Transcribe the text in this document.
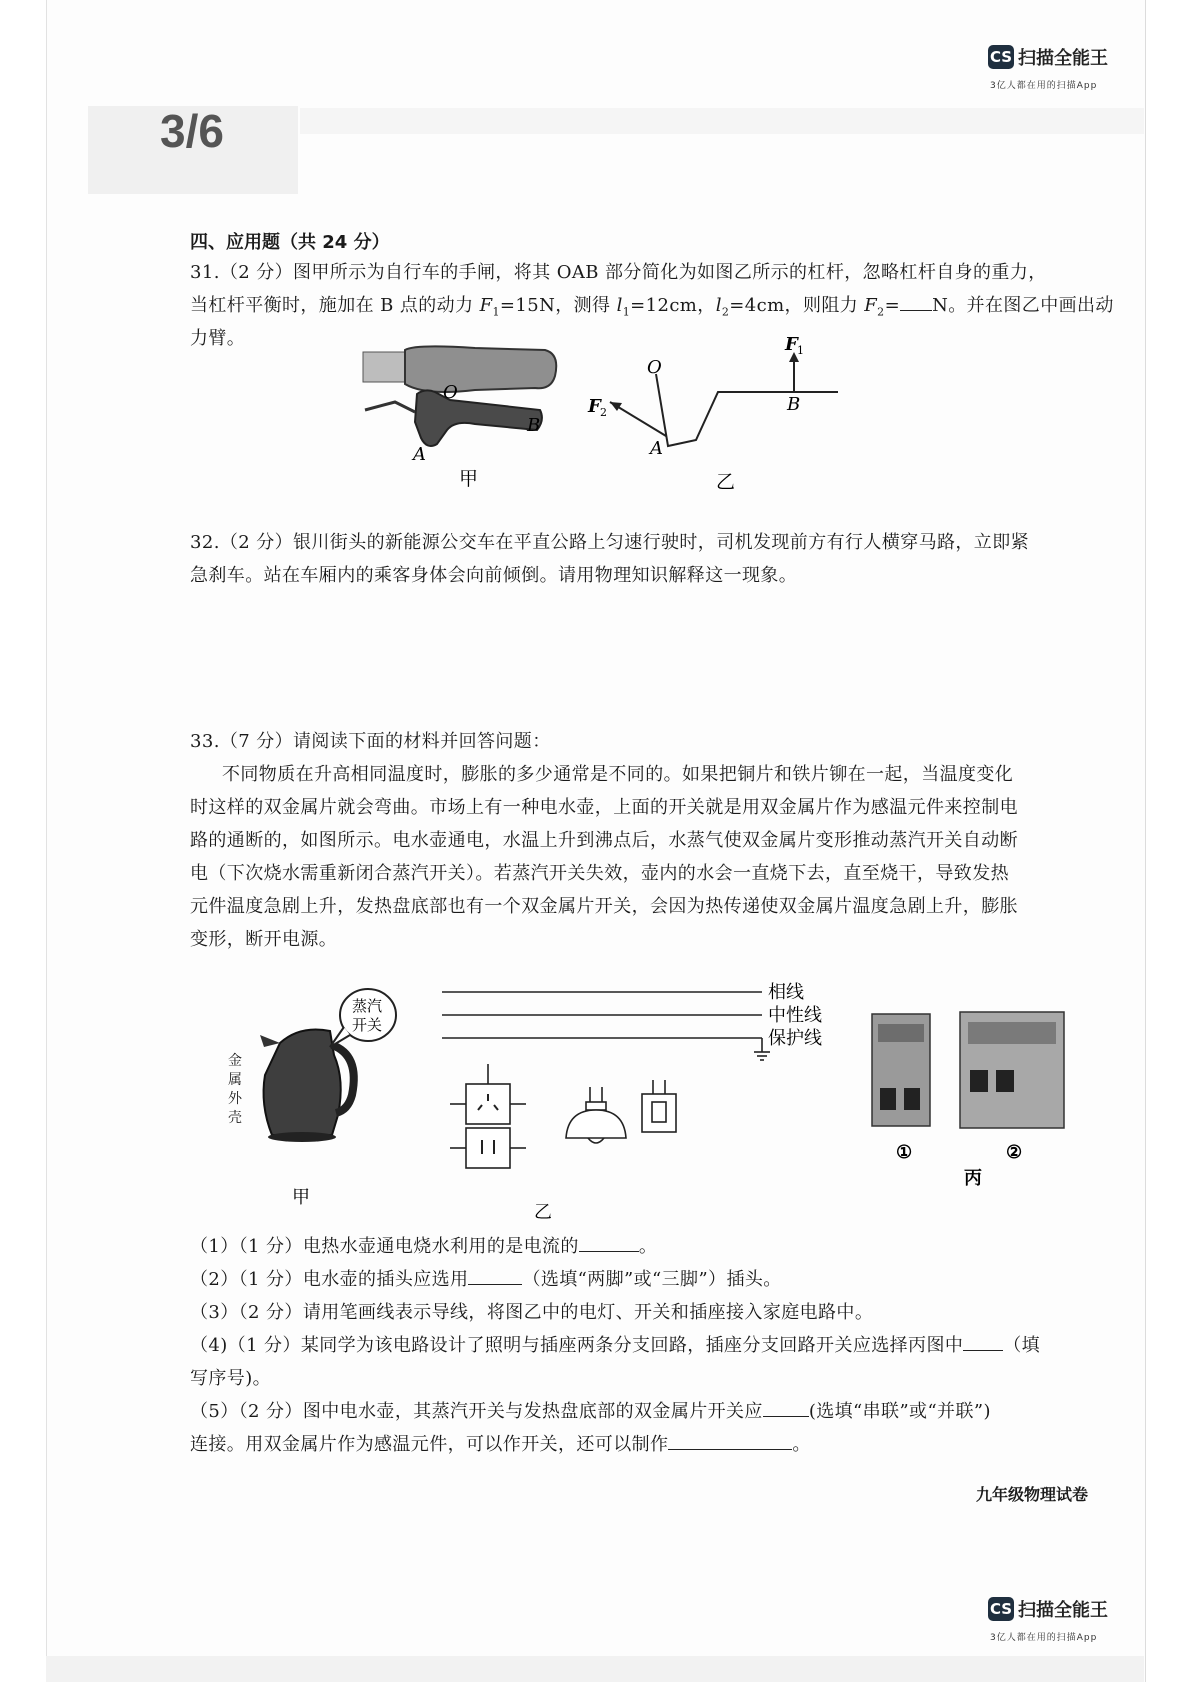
3/6
CS 扫描全能王
3亿人都在用的扫描App
四、应用题（共 24 分）
31.（2 分）图甲所示为自行车的手闸，将其 OAB 部分简化为如图乙所示的杠杆，忽略杠杆自身的重力，
当杠杆平衡时，施加在 B 点的动力 $F_1=15N$，测得 $l_1=12cm$，$l_2=4cm$，则阻力 $F_2= N$。并在图乙中画出动
力臂。
O
B
A
甲
O
A
B
F 1
F 2
乙
32.（2 分）银川街头的新能源公交车在平直公路上匀速行驶时，司机发现前方有行人横穿马路，立即紧
急刹车。站在车厢内的乘客身体会向前倾倒。请用物理知识解释这一现象。
33.（7 分）请阅读下面的材料并回答问题：
不同物质在升高相同温度时，膨胀的多少通常是不同的。如果把铜片和铁片铆在一起，当温度变化
时这样的双金属片就会弯曲。市场上有一种电水壶，上面的开关就是用双金属片作为感温元件来控制电
路的通断的，如图所示。电水壶通电，水温上升到沸点后，水蒸气使双金属片变形推动蒸汽开关自动断
电（下次烧水需重新闭合蒸汽开关）。若蒸汽开关失效，壶内的水会一直烧下去，直至烧干，导致发热
元件温度急剧上升，发热盘底部也有一个双金属片开关，会因为热传递使双金属片温度急剧上升，膨胀
变形，断开电源。
蒸汽
开关
甲
金
属
外
壳
相线
中性线
保护线
乙
①	②
丙
（1）（1 分）电热水壶通电烧水利用的是电流的	。
（2）（1 分）电水壶的插头应选用	（选填“两脚”或“三脚”）插头。
（3）（2 分）请用笔画线表示导线，将图乙中的电灯、开关和插座接入家庭电路中。
（4)（1 分）某同学为该电路设计了照明与插座两条分支回路，插座分支回路开关应选择丙图中 （填
写序号)。
（5）（2 分）图中电水壶，其蒸汽开关与发热盘底部的双金属片开关应	(选填“串联”或“并联”)
连接。用双金属片作为感温元件，可以作开关，还可以制作	。
九年级物理试卷
CS 扫描全能王
3亿人都在用的扫描App
